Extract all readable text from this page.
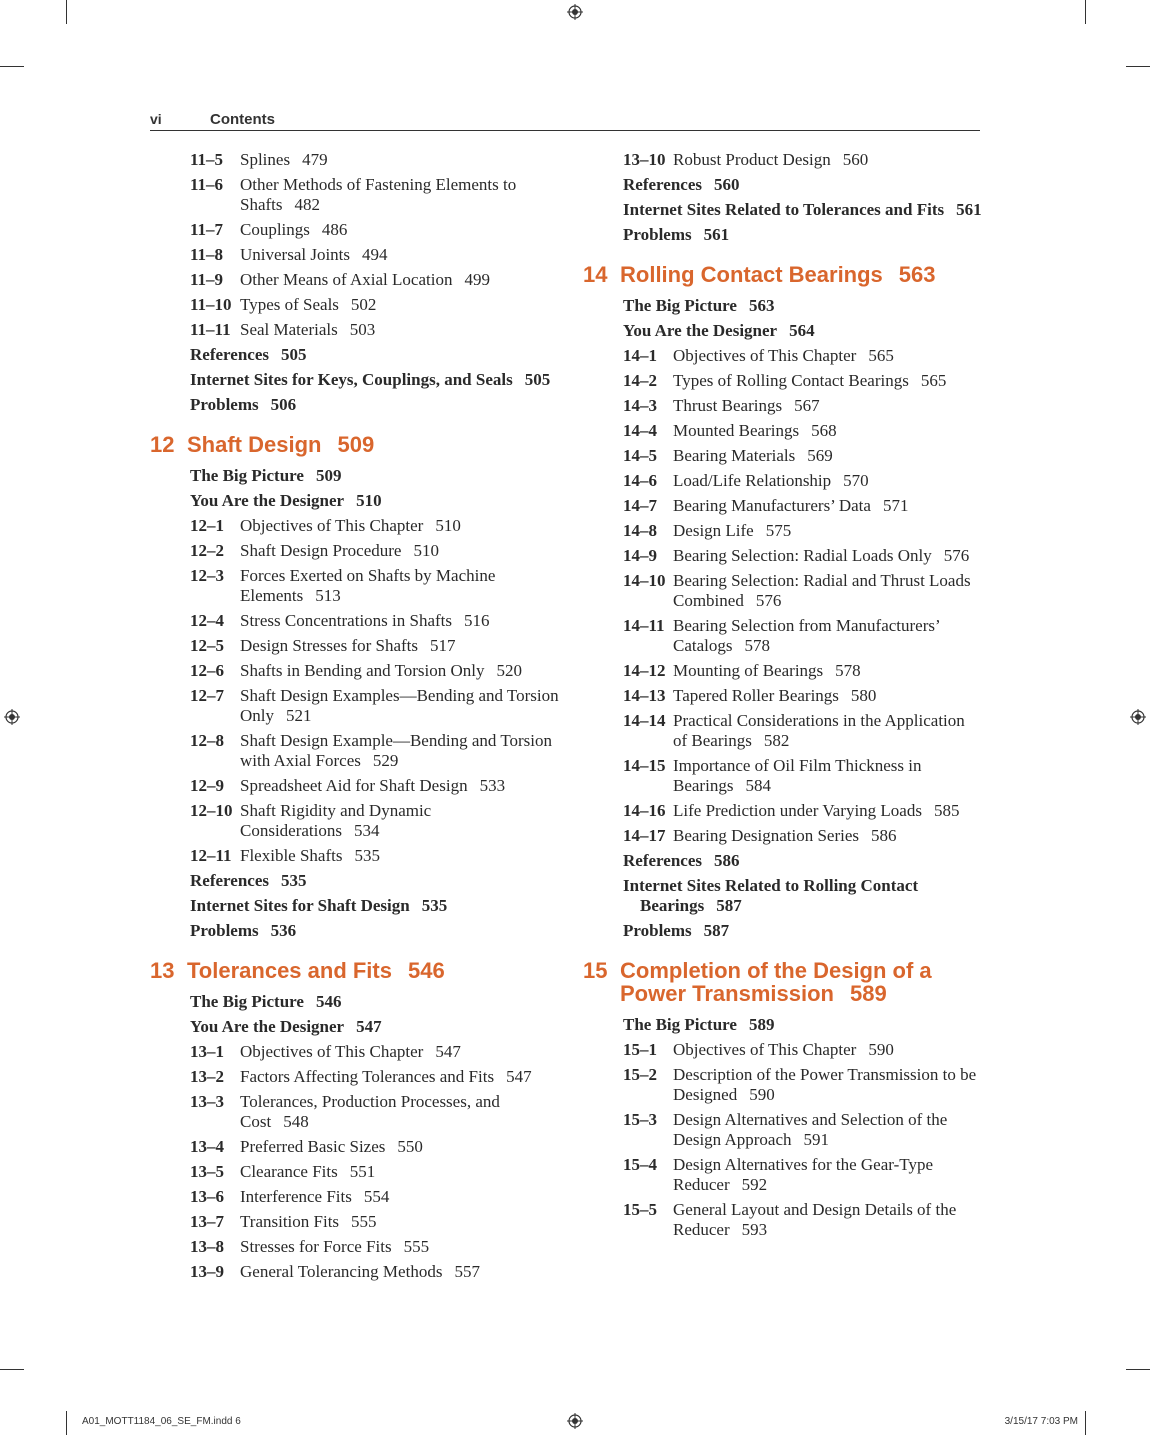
vi	Contents
11–5 Splines 479
11–6 Other Methods of Fastening Elements to Shafts 482
11–7 Couplings 486
11–8 Universal Joints 494
11–9 Other Means of Axial Location 499
11–10 Types of Seals 502
11–11 Seal Materials 503
References 505
Internet Sites for Keys, Couplings, and Seals 505
Problems 506
12 Shaft Design 509
The Big Picture 509
You Are the Designer 510
12–1 Objectives of This Chapter 510
12–2 Shaft Design Procedure 510
12–3 Forces Exerted on Shafts by Machine Elements 513
12–4 Stress Concentrations in Shafts 516
12–5 Design Stresses for Shafts 517
12–6 Shafts in Bending and Torsion Only 520
12–7 Shaft Design Examples—Bending and Torsion Only 521
12–8 Shaft Design Example—Bending and Torsion with Axial Forces 529
12–9 Spreadsheet Aid for Shaft Design 533
12–10 Shaft Rigidity and Dynamic Considerations 534
12–11 Flexible Shafts 535
References 535
Internet Sites for Shaft Design 535
Problems 536
13 Tolerances and Fits 546
The Big Picture 546
You Are the Designer 547
13–1 Objectives of This Chapter 547
13–2 Factors Affecting Tolerances and Fits 547
13–3 Tolerances, Production Processes, and Cost 548
13–4 Preferred Basic Sizes 550
13–5 Clearance Fits 551
13–6 Interference Fits 554
13–7 Transition Fits 555
13–8 Stresses for Force Fits 555
13–9 General Tolerancing Methods 557
13–10 Robust Product Design 560
References 560
Internet Sites Related to Tolerances and Fits 561
Problems 561
14 Rolling Contact Bearings 563
The Big Picture 563
You Are the Designer 564
14–1 Objectives of This Chapter 565
14–2 Types of Rolling Contact Bearings 565
14–3 Thrust Bearings 567
14–4 Mounted Bearings 568
14–5 Bearing Materials 569
14–6 Load/Life Relationship 570
14–7 Bearing Manufacturers’ Data 571
14–8 Design Life 575
14–9 Bearing Selection: Radial Loads Only 576
14–10 Bearing Selection: Radial and Thrust Loads Combined 576
14–11 Bearing Selection from Manufacturers’ Catalogs 578
14–12 Mounting of Bearings 578
14–13 Tapered Roller Bearings 580
14–14 Practical Considerations in the Application of Bearings 582
14–15 Importance of Oil Film Thickness in Bearings 584
14–16 Life Prediction under Varying Loads 585
14–17 Bearing Designation Series 586
References 586
Internet Sites Related to Rolling Contact Bearings 587
Problems 587
15 Completion of the Design of a Power Transmission 589
The Big Picture 589
15–1 Objectives of This Chapter 590
15–2 Description of the Power Transmission to be Designed 590
15–3 Design Alternatives and Selection of the Design Approach 591
15–4 Design Alternatives for the Gear-Type Reducer 592
15–5 General Layout and Design Details of the Reducer 593
A01_MOTT1184_06_SE_FM.indd 6	3/15/17 7:03 PM
